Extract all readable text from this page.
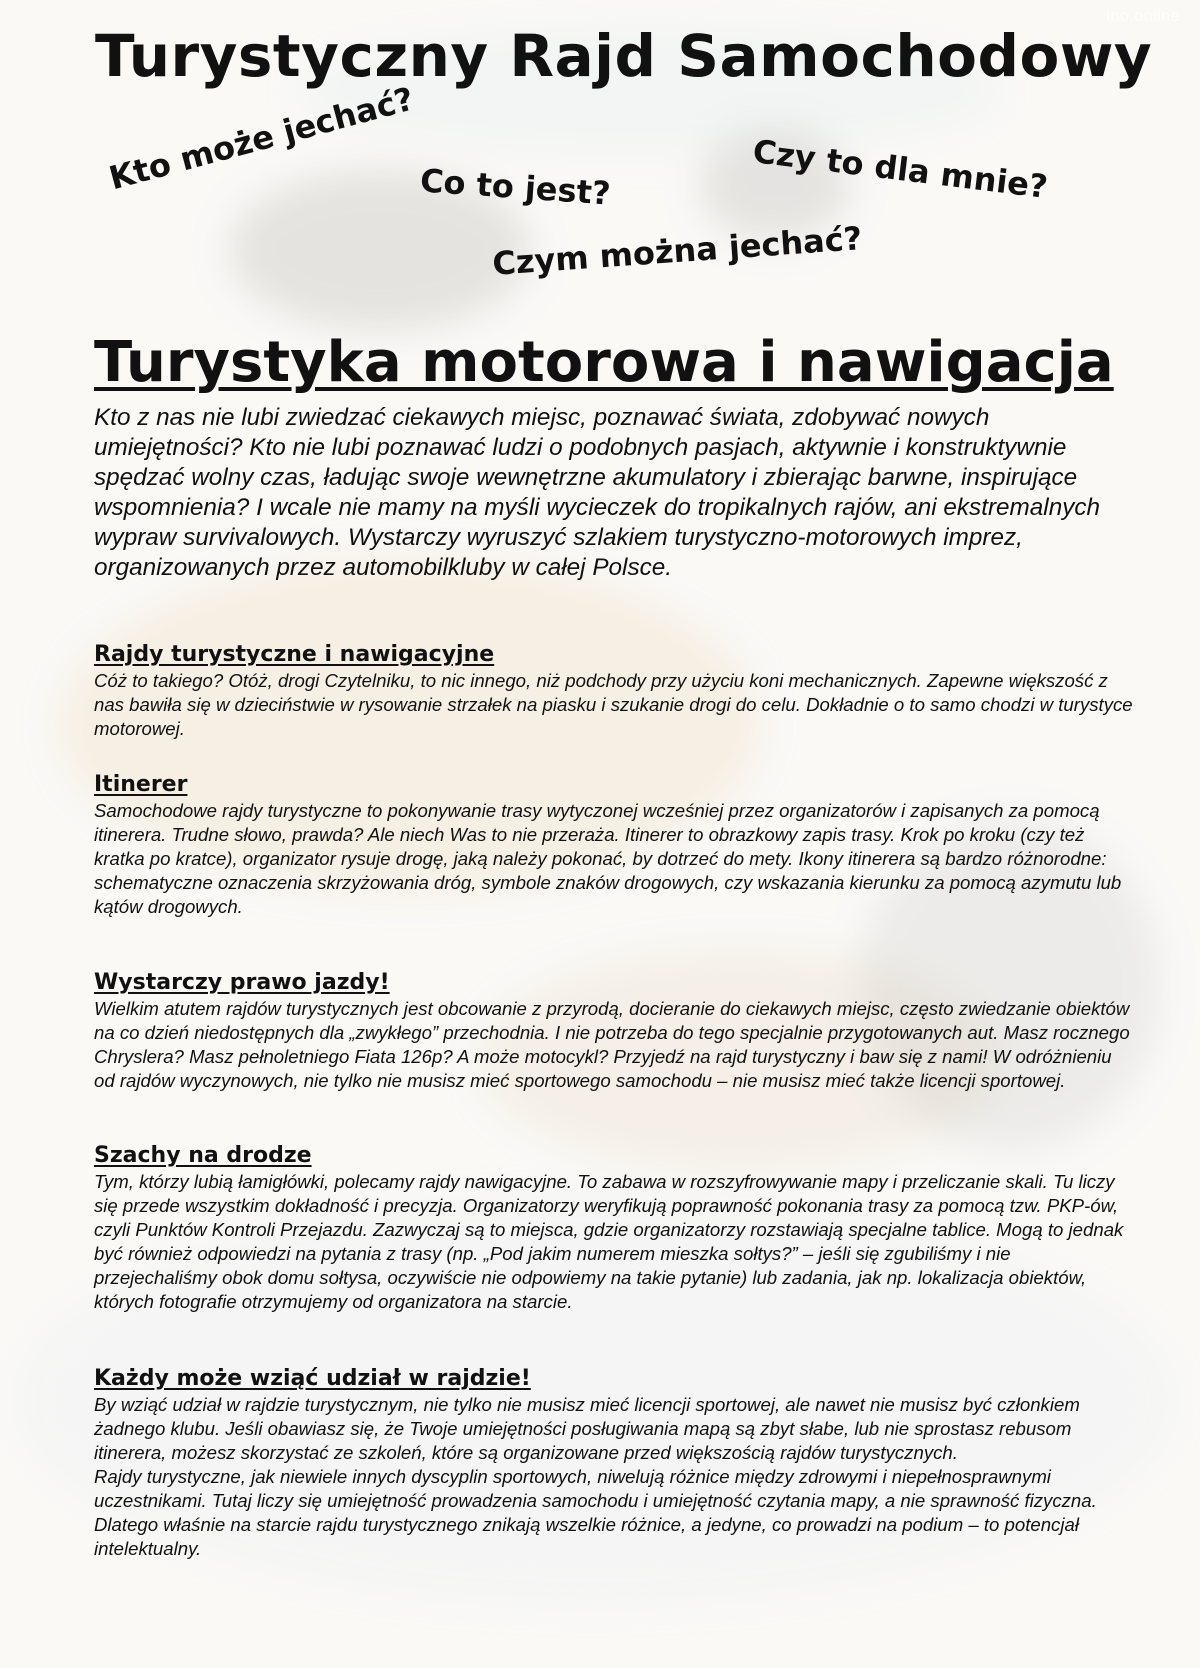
ino.online
Turystyczny Rajd Samochodowy
Kto może jechać? Co to jest?	Czy to dla mnie?
Czym można jechać?
Turystyka motorowa i nawigacja

Kto z nas nie lubi zwiedzać ciekawych miejsc, poznawać świata, zdobywać nowych umiejętności? Kto nie lubi poznawać ludzi o podobnych pasjach, aktywnie i konstruktywnie spędzać wolny czas, ładując swoje wewnętrzne akumulatory i zbierając barwne, inspirujące wspomnienia? I wcale nie mamy na myśli wycieczek do tropikalnych rajów, ani ekstremalnych wypraw survivalowych. Wystarczy wyruszyć szlakiem turystyczno-motorowych imprez, organizowanych przez automobilkluby w całej Polsce.

Rajdy turystyczne i nawigacyjne

Cóż to takiego? Otóż, drogi Czytelniku, to nic innego, niż podchody przy użyciu koni mechanicznych. Zapewne większość z nas bawiła się w dzieciństwie w rysowanie strzałek na piasku i szukanie drogi do celu. Dokładnie o to samo chodzi w turystyce motorowej.

Itinerer

Samochodowe rajdy turystyczne to pokonywanie trasy wytyczonej wcześniej przez organizatorów i zapisanych za pomocą itinerera. Trudne słowo, prawda? Ale niech Was to nie przeraża. Itinerer to obrazkowy zapis trasy. Krok po kroku (czy też kratka po kratce), organizator rysuje drogę, jaką należy pokonać, by dotrzeć do mety. Ikony itinerera są bardzo różnorodne: schematyczne oznaczenia skrzyżowania dróg, symbole znaków drogowych, czy wskazania kierunku za pomocą azymutu lub kątów drogowych.

Wystarczy prawo jazdy!

Wielkim atutem rajdów turystycznych jest obcowanie z przyrodą, docieranie do ciekawych miejsc, często zwiedzanie obiektów na co dzień niedostępnych dla „zwykłego” przechodnia. I nie potrzeba do tego specjalnie przygotowanych aut. Masz rocznego Chryslera? Masz pełnoletniego Fiata 126p? A może motocykl? Przyjedź na rajd turystyczny i baw się z nami! W odróżnieniu od rajdów wyczynowych, nie tylko nie musisz mieć sportowego samochodu – nie musisz mieć także licencji sportowej.

Szachy na drodze

Tym, którzy lubią łamigłówki, polecamy rajdy nawigacyjne. To zabawa w rozszyfrowywanie mapy i przeliczanie skali. Tu liczy się przede wszystkim dokładność i precyzja. Organizatorzy weryfikują poprawność pokonania trasy za pomocą tzw. PKP-ów, czyli Punktów Kontroli Przejazdu. Zazwyczaj są to miejsca, gdzie organizatorzy rozstawiają specjalne tablice. Mogą to jednak być również odpowiedzi na pytania z trasy (np. „Pod jakim numerem mieszka sołtys?” – jeśli się zgubiliśmy i nie przejechaliśmy obok domu sołtysa, oczywiście nie odpowiemy na takie pytanie) lub zadania, jak np. lokalizacja obiektów, których fotografie otrzymujemy od organizatora na starcie.

Każdy może wziąć udział w rajdzie!

By wziąć udział w rajdzie turystycznym, nie tylko nie musisz mieć licencji sportowej, ale nawet nie musisz być członkiem żadnego klubu. Jeśli obawiasz się, że Twoje umiejętności posługiwania mapą są zbyt słabe, lub nie sprostasz rebusom itinerera, możesz skorzystać ze szkoleń, które są organizowane przed większością rajdów turystycznych.

Rajdy turystyczne, jak niewiele innych dyscyplin sportowych, niwelują różnice między zdrowymi i niepełnosprawnymi uczestnikami. Tutaj liczy się umiejętność prowadzenia samochodu i umiejętność czytania mapy, a nie sprawność fizyczna. Dlatego właśnie na starcie rajdu turystycznego znikają wszelkie różnice, a jedyne, co prowadzi na podium – to potencjał intelektualny.
